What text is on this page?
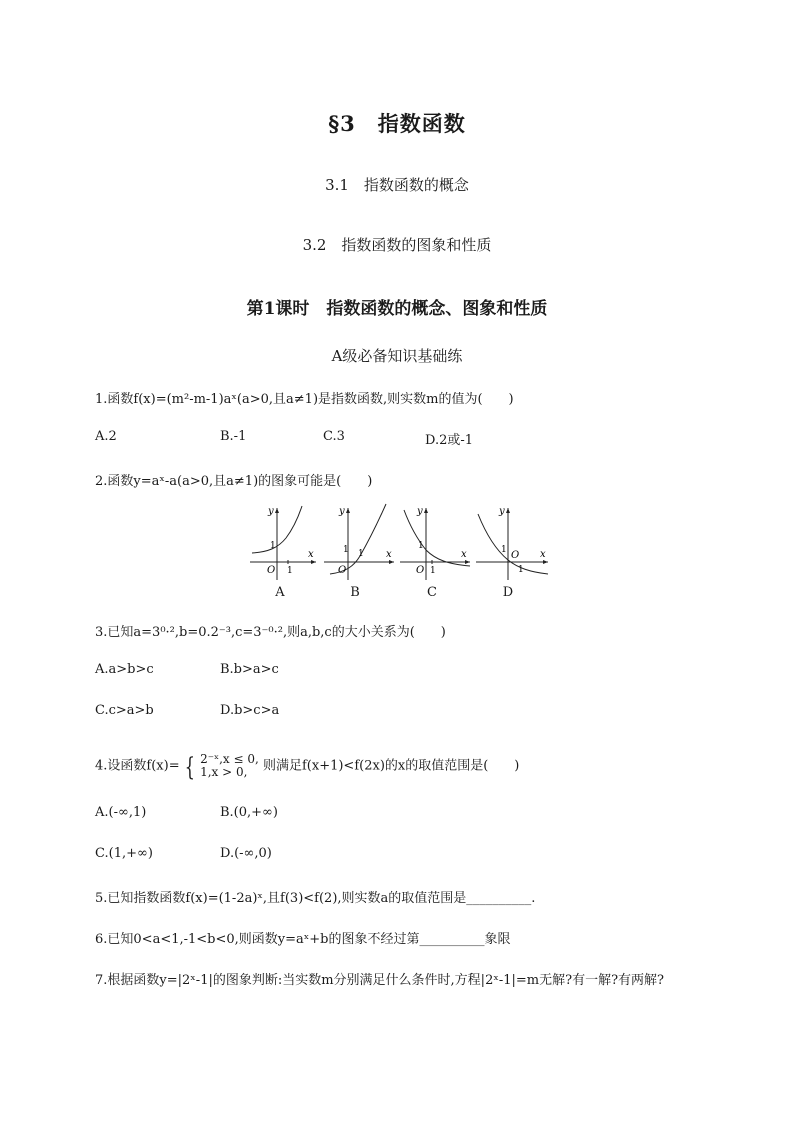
§3　指数函数
3.1　指数函数的概念
3.2　指数函数的图象和性质
第1课时　指数函数的概念、图象和性质
A级必备知识基础练
1.函数f(x)=(m²-m-1)aˣ(a>0,且a≠1)是指数函数,则实数m的值为(　　)
A.2	B.-1	C.3	D.2或-1
2.函数y=aˣ-a(a>0,且a≠1)的图象可能是(　　)
x
y
O
1
1
x
y
O
1 1	x
y
O
1
1
x
y
O
1
1
A	B	C	D
3.已知a=3⁰·²,b=0.2⁻³,c=3⁻⁰·²,则a,b,c的大小关系为(　　)
A.a>b>c	B.b>a>c
C.c>a>b	D.b>c>a
4.设函数f(x)= { 2⁻ˣ,x ≤ 0,
1,x > 0,	则满足f(x+1)<f(2x)的x的取值范围是(　　)
A.(-∞,1)	B.(0,+∞)
C.(1,+∞)	D.(-∞,0)
5.已知指数函数f(x)=(1-2a)ˣ,且f(3)<f(2),则实数a的取值范围是__________.
6.已知0<a<1,-1<b<0,则函数y=aˣ+b的图象不经过第__________象限
7.根据函数y=|2ˣ-1|的图象判断:当实数m分别满足什么条件时,方程|2ˣ-1|=m无解?有一解?有两解?
